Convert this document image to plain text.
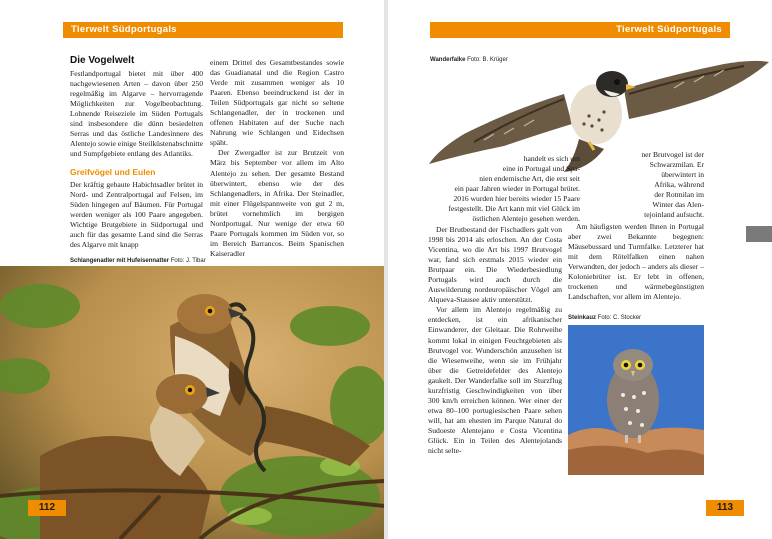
Tierwelt Südportugals
Die Vogelwelt

Festlandportugal bietet mit über 400 nachgewiesenen Arten – davon über 250 regelmäßig im Algarve – hervorragende Möglichkeiten zur Vogelbeobachtung. Lohnende Reiseziele im Süden Portugals sind insbesondere die dünn besiedelten Serras und das östliche Landesinnere des Alentejo sowie einige Steilküstenabschnitte und Sumpfgebiete entlang des Atlantiks.

Greifvögel und Eulen

Der kräftig gebaute Habichtsadler brütet in Nord- und Zentralportugal auf Felsen, im Süden hingegen auf Bäumen. Für Portugal werden weniger als 100 Paare angegeben. Wichtige Brutgebiete in Südportugal und auch für das gesamte Land sind die Serras des Algarve mit knapp

einem Drittel des Gesamtbestandes sowie das Guadianatal und die Region Castro Verde mit zusammen weniger als 10 Paaren. Ebenso beeindruckend ist der in Teilen Südportugals gar nicht so seltene Schlangenadler, der in trockenen und offenen Habitaten auf der Suche nach Nahrung wie Schlangen und Eidechsen späht.

Der Zwergadler ist zur Brutzeit von März bis September vor allem im Alto Alentejo zu sehen. Der gesamte Bestand überwintert, ebenso wie der des Schlangenadlers, in Afrika. Der Steinadler, mit einer Flügelspannweite von gut 2 m, brütet vornehmlich im bergigen Nordportugal. Nur wenige der etwa 60 Paare Portugals kommen im Süden vor, so im Bereich Barrancos. Beim Spanischen Kaiseradler

Schlangenadler mit Hufeisennatter Foto: J. Tibar
112
Tierwelt Südportugals
Wanderfalke Foto: B. Krüger
handelt es sich um
eine in Portugal und Spa-
nien endemische Art, die erst seit
ein paar Jahren wieder in Portugal brütet.
2016 wurden hier bereits wieder 15 Paare
festgestellt. Die Art kann mit viel Glück im
östlichen Alentejo gesehen werden.
ner Brutvogel ist der
Schwarzmilan. Er
überwintert in
Afrika, während
der Rotmilan im
Winter das Alen-
tejoinland aufsucht.

Der Brutbestand der Fischadlers galt von 1998 bis 2014 als erloschen. An der Costa Vicentina, wo die Art bis 1997 Brutvogel war, fand sich erstmals 2015 wieder ein Brutpaar ein. Die Wiederbesiedlung Portugals wird auch durch die Auswilderung nordeuropäischer Vögel am Alqueva-Stausee aktiv unterstützt.

Vor allem im Alentejo regelmäßig zu entdecken, ist ein afrikanischer Einwanderer, der Gleitaar. Die Rohrweihe kommt lokal in einigen Feuchtgebieten als Brutvogel vor. Wunderschön anzusehen ist die Wiesenweihe, wenn sie im Frühjahr über die Getreidefelder des Alentejo gaukelt. Der Wanderfalke soll im Sturzflug kurzfristig Geschwindigkeiten von über 300 km/h erreichen können. Wer einer der etwa 80–100 portugiesischen Paare sehen will, hat am ehesten im Parque Natural do Sudoeste Alentejano e Costa Vicentina Glück. Ein in Teilen des Alentejolands nicht selte-

Am häufigsten werden Ihnen in Portugal aber zwei Bekannte begegnen: Mäusebussard und Turmfalke. Letzterer hat mit dem Rötelfalken einen nahen Verwandten, der jedoch – anders als dieser – Koloniebrüter ist. Er lebt in offenen, trockenen und wärmebegünstigten Landschaften, vor allem im Alentejo.

Steinkauz Foto: C. Stocker
113
